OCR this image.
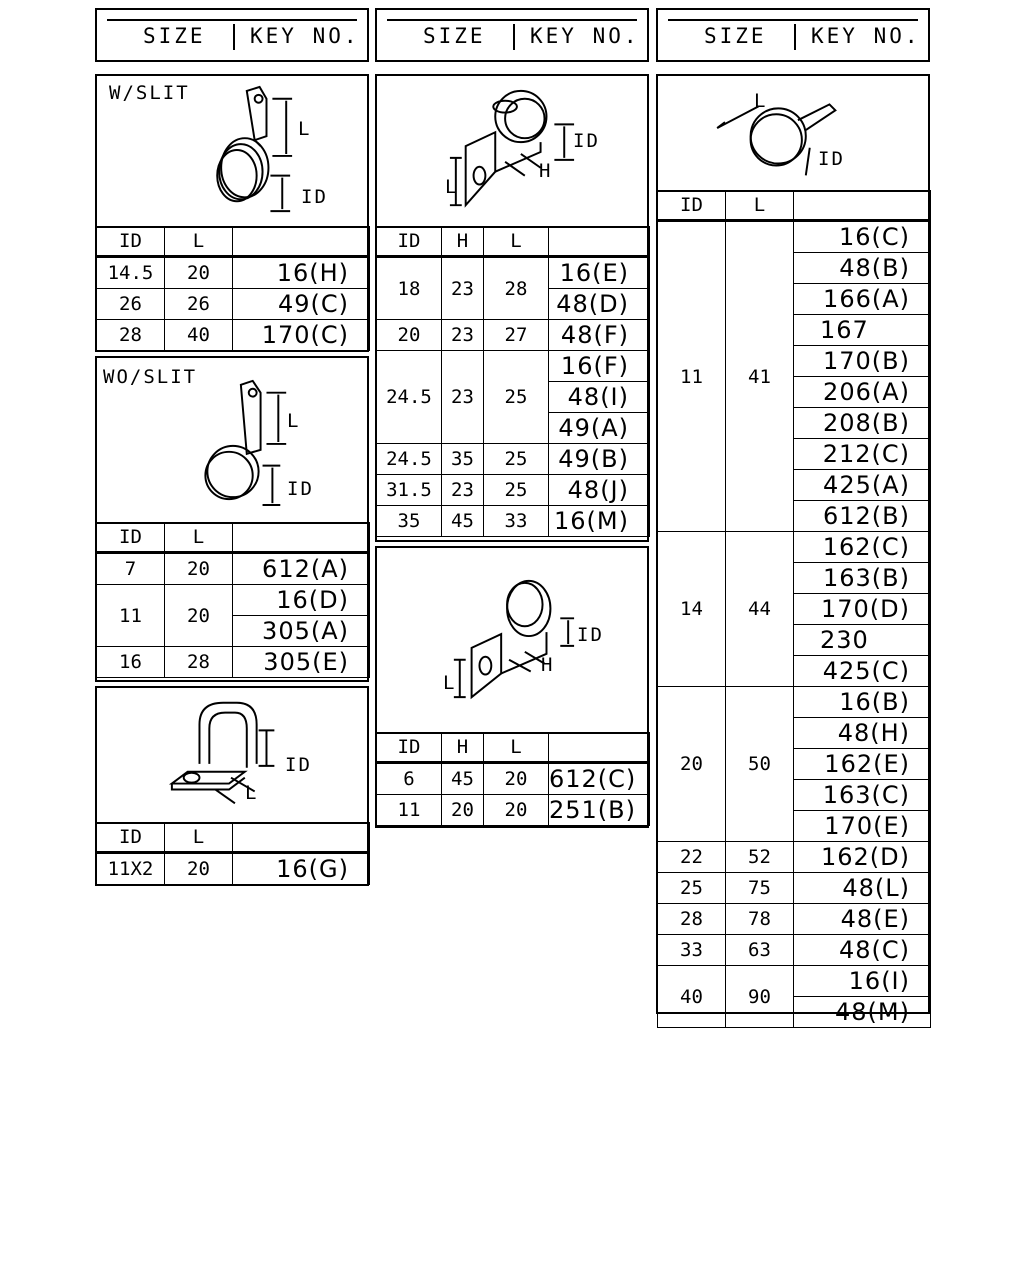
SIZE KEY NO.	SIZE KEY NO.	SIZE KEY NO.
W/SLIT
L
ID
ID	L	
14.5	20	16(H)
26	26	49(C)
28	40	170(C)
WO/SLIT
L
ID
ID	L	
7	20	612(A)
11	20	16(D)
		305(A)
16	28	305(E)
ID
L
ID	L	
11X2	20	16(G)
ID
H
L
ID	H	L	
18	23	28	16(E)
			48(D)
20	23	27	48(F)
24.5	23	25	16(F)
			48(I)
			49(A)
24.5	35	25	49(B)
31.5	23	25	48(J)
35	45	33	16(M)
ID
H
L
ID	H	L	
6	45	20	612(C)
11	20	20	251(B)
L
ID
ID	L	
11	41	16(C)
		48(B)
		166(A)
		167
		170(B)
		206(A)
		208(B)
		212(C)
		425(A)
		612(B)
14	44	162(C)
		163(B)
		170(D)
		230
		425(C)
20	50	16(B)
		48(H)
		162(E)
		163(C)
		170(E)
22	52	162(D)
25	75	48(L)
28	78	48(E)
33	63	48(C)
40	90	16(I)
		48(M)
